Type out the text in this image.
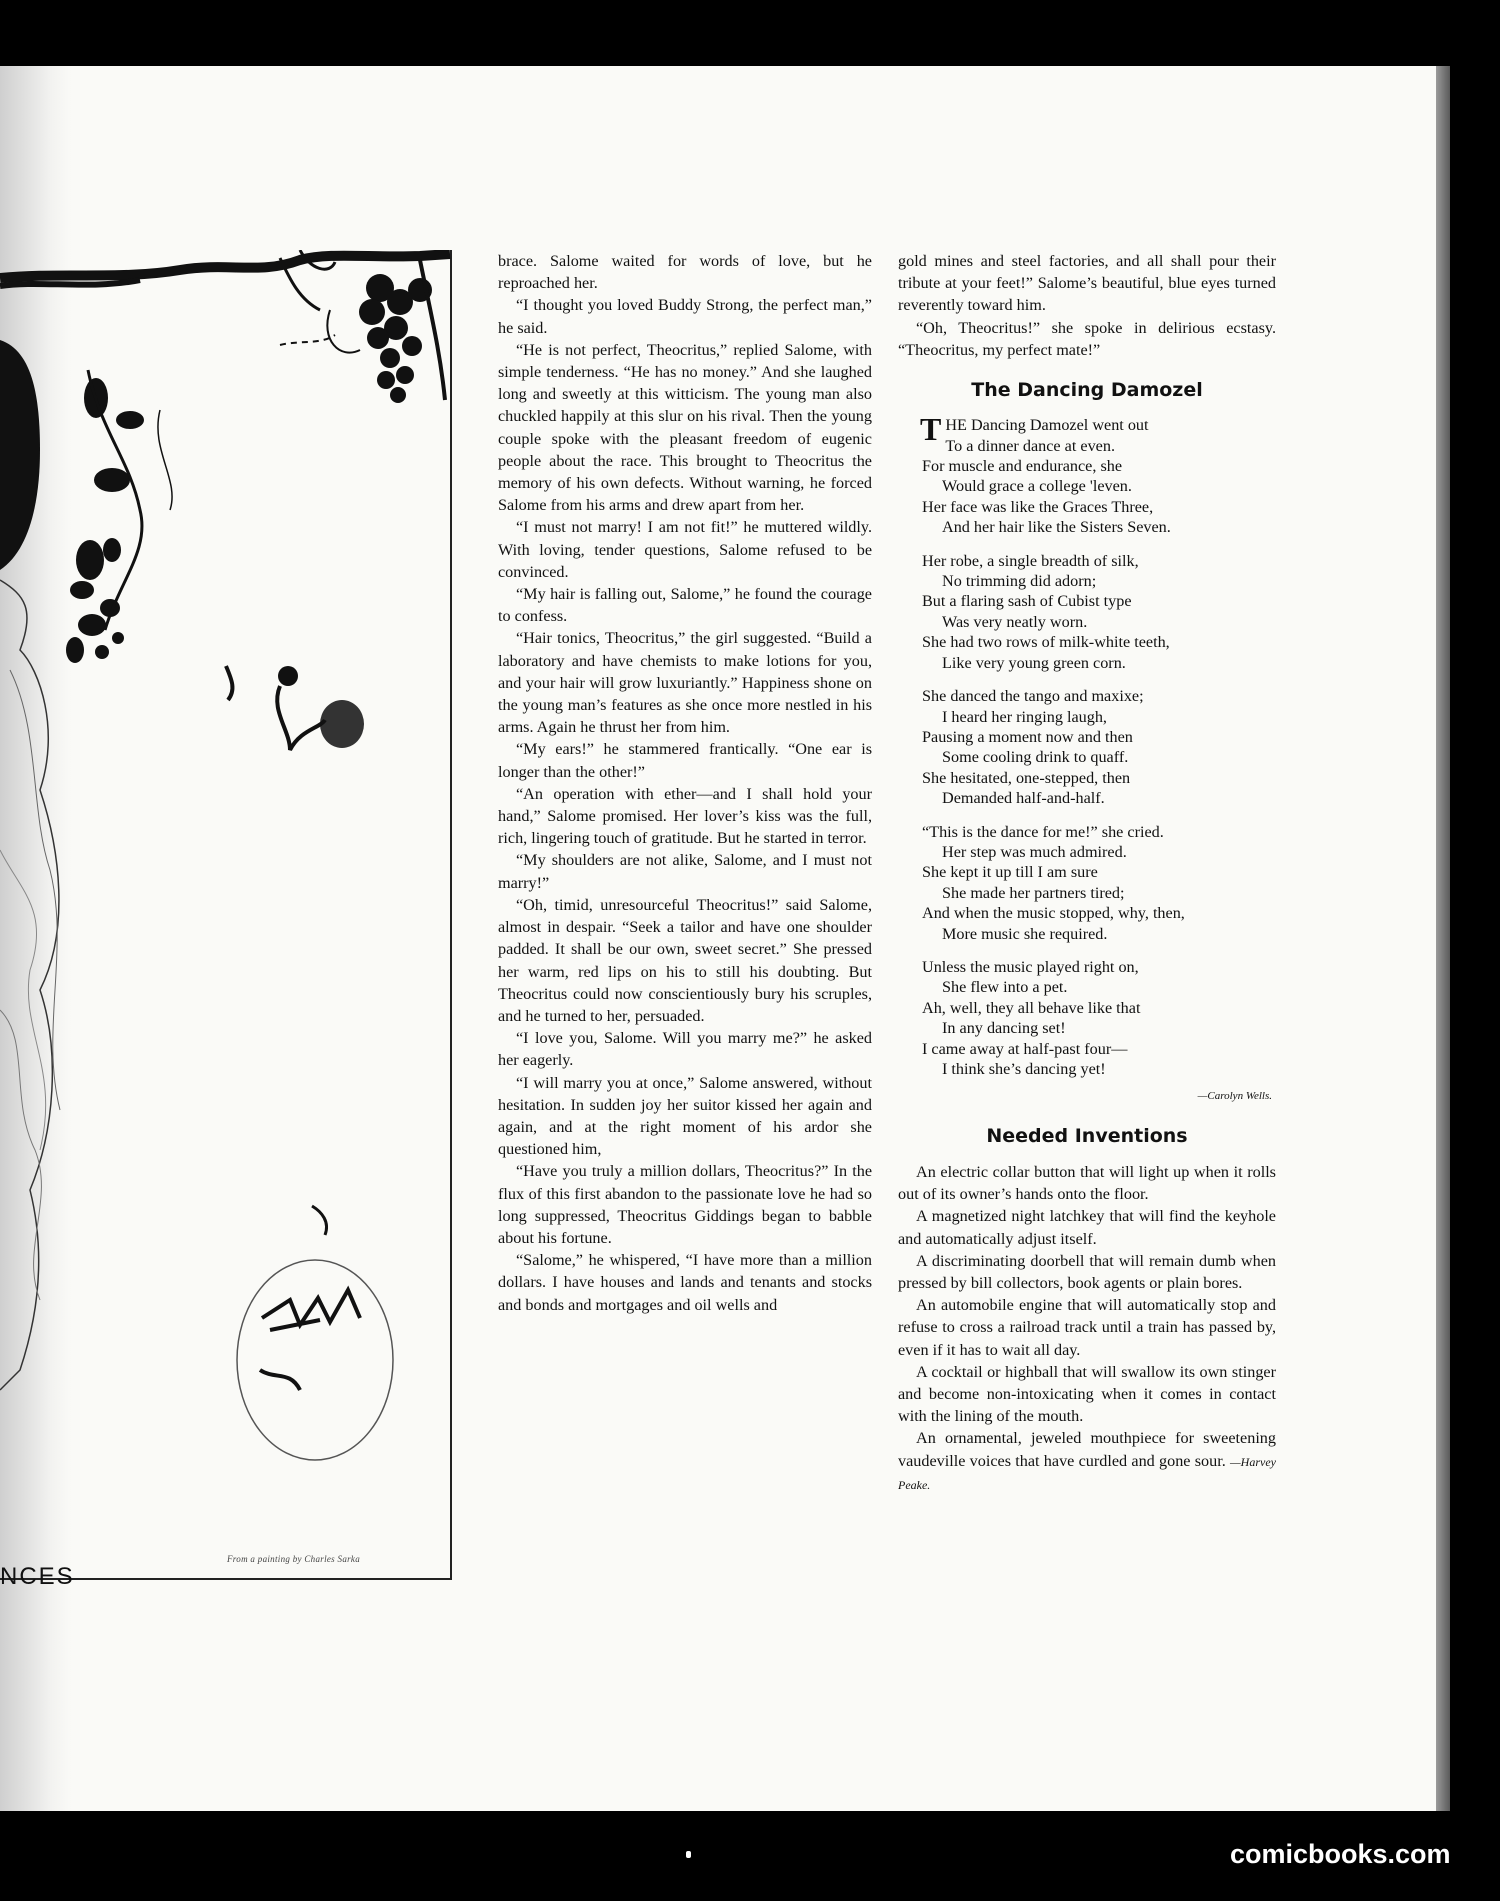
From a painting by Charles Sarka
NCES

brace. Salome waited for words of love, but he reproached her.

“I thought you loved Buddy Strong, the perfect man,” he said.

“He is not perfect, Theocritus,” replied Salome, with simple tenderness. “He has no money.” And she laughed long and sweetly at this witticism. The young man also chuckled happily at this slur on his rival. Then the young couple spoke with the pleasant freedom of eugenic people about the race. This brought to Theocritus the memory of his own defects. Without warning, he forced Salome from his arms and drew apart from her.

“I must not marry! I am not fit!” he muttered wildly. With loving, tender questions, Salome refused to be convinced.

“My hair is falling out, Salome,” he found the courage to confess.

“Hair tonics, Theocritus,” the girl suggested. “Build a laboratory and have chemists to make lotions for you, and your hair will grow luxuriantly.” Happiness shone on the young man’s features as she once more nestled in his arms. Again he thrust her from him.

“My ears!” he stammered frantically. “One ear is longer than the other!”

“An operation with ether—and I shall hold your hand,” Salome promised. Her lover’s kiss was the full, rich, lingering touch of gratitude. But he started in terror.

“My shoulders are not alike, Salome, and I must not marry!”

“Oh, timid, unresourceful Theocritus!” said Salome, almost in despair. “Seek a tailor and have one shoulder padded. It shall be our own, sweet secret.” She pressed her warm, red lips on his to still his doubting. But Theocritus could now conscientiously bury his scruples, and he turned to her, persuaded.

“I love you, Salome. Will you marry me?” he asked her eagerly.

“I will marry you at once,” Salome answered, without hesitation. In sudden joy her suitor kissed her again and again, and at the right moment of his ardor she questioned him,

“Have you truly a million dollars, Theocritus?” In the flux of this first abandon to the passionate love he had so long suppressed, Theocritus Giddings began to babble about his fortune.

“Salome,” he whispered, “I have more than a million dollars. I have houses and lands and tenants and stocks and bonds and mortgages and oil wells and

gold mines and steel factories, and all shall pour their tribute at your feet!” Salome’s beautiful, blue eyes turned reverently toward him.

“Oh, Theocritus!” she spoke in delirious ecstasy. “Theocritus, my perfect mate!”

The Dancing Damozel
THE Dancing Damozel went out
To a dinner dance at even.
For muscle and endurance, she
Would grace a college 'leven.
Her face was like the Graces Three,
And her hair like the Sisters Seven.
Her robe, a single breadth of silk,
No trimming did adorn;
But a flaring sash of Cubist type
Was very neatly worn.
She had two rows of milk-white teeth,
Like very young green corn.
She danced the tango and maxixe;
I heard her ringing laugh,
Pausing a moment now and then
Some cooling drink to quaff.
She hesitated, one-stepped, then
Demanded half-and-half.
“This is the dance for me!” she cried.
Her step was much admired.
She kept it up till I am sure
She made her partners tired;
And when the music stopped, why, then,
More music she required.
Unless the music played right on,
She flew into a pet.
Ah, well, they all behave like that
In any dancing set!
I came away at half-past four—
I think she’s dancing yet!
—Carolyn Wells.
Needed Inventions

An electric collar button that will light up when it rolls out of its owner’s hands onto the floor.

A magnetized night latchkey that will find the keyhole and automatically adjust itself.

A discriminating doorbell that will remain dumb when pressed by bill collectors, book agents or plain bores.

An automobile engine that will automatically stop and refuse to cross a railroad track until a train has passed by, even if it has to wait all day.

A cocktail or highball that will swallow its own stinger and become non-intoxicating when it comes in contact with the lining of the mouth.

An ornamental, jeweled mouthpiece for sweetening vaudeville voices that have curdled and gone sour. —Harvey Peake.

comicbooks.com
